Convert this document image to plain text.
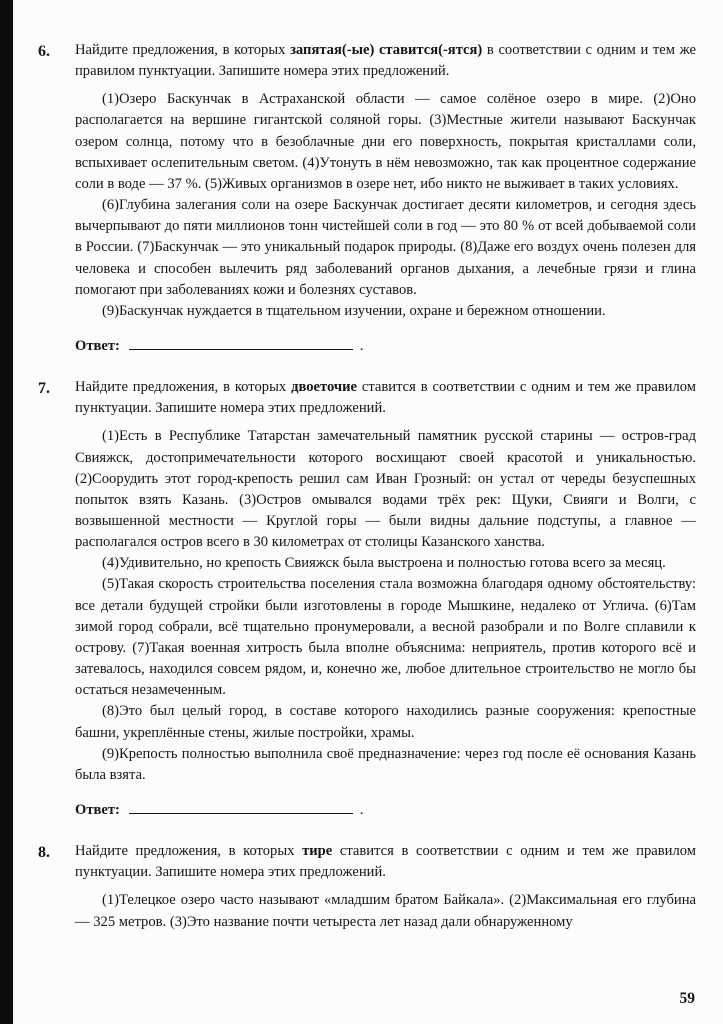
6.	Найдите предложения, в которых запятая(-ые) ставится(-ятся) в соответствии с одним и тем же правилом пунктуации. Запишите номера этих предложений.

(1)Озеро Баскунчак в Астраханской области — самое солёное озеро в мире. (2)Оно располагается на вершине гигантской соляной горы. (3)Местные жители называют Баскунчак озером солнца, потому что в безоблачные дни его поверхность, покрытая кристаллами соли, вспыхивает ослепительным светом. (4)Утонуть в нём невозможно, так как процентное содержание соли в воде — 37 %. (5)Живых организмов в озере нет, ибо никто не выживает в таких условиях.

(6)Глубина залегания соли на озере Баскунчак достигает десяти километров, и сегодня здесь вычерпывают до пяти миллионов тонн чистейшей соли в год — это 80 % от всей добываемой соли в России. (7)Баскунчак — это уникальный подарок природы. (8)Даже его воздух очень полезен для человека и способен вылечить ряд заболеваний органов дыхания, а лечебные грязи и глина помогают при заболеваниях кожи и болезнях суставов.

(9)Баскунчак нуждается в тщательном изучении, охране и бережном отношении.

Ответ:	.
7.	Найдите предложения, в которых двоеточие ставится в соответствии с одним и тем же правилом пунктуации. Запишите номера этих предложений.

(1)Есть в Республике Татарстан замечательный памятник русской старины — остров-град Свияжск, достопримечательности которого восхищают своей красотой и уникальностью. (2)Соорудить этот город-крепость решил сам Иван Грозный: он устал от череды безуспешных попыток взять Казань. (3)Остров омывался водами трёх рек: Щуки, Свияги и Волги, с возвышенной местности — Круглой горы — были видны дальние подступы, а главное — располагался остров всего в 30 километрах от столицы Казанского ханства.

(4)Удивительно, но крепость Свияжск была выстроена и полностью готова всего за месяц.

(5)Такая скорость строительства поселения стала возможна благодаря одному обстоятельству: все детали будущей стройки были изготовлены в городе Мышкине, недалеко от Углича. (6)Там зимой город собрали, всё тщательно пронумеровали, а весной разобрали и по Волге сплавили к острову. (7)Такая военная хитрость была вполне объяснима: неприятель, против которого всё и затевалось, находился совсем рядом, и, конечно же, любое длительное строительство не могло бы остаться незамеченным.

(8)Это был целый город, в составе которого находились разные сооружения: крепостные башни, укреплённые стены, жилые постройки, храмы.

(9)Крепость полностью выполнила своё предназначение: через год после её основания Казань была взята.

Ответ:	.
8.	Найдите предложения, в которых тире ставится в соответствии с одним и тем же правилом пунктуации. Запишите номера этих предложений.

(1)Телецкое озеро часто называют «младшим братом Байкала». (2)Максимальная его глубина — 325 метров. (3)Это название почти четыреста лет назад дали обнаруженному

59
